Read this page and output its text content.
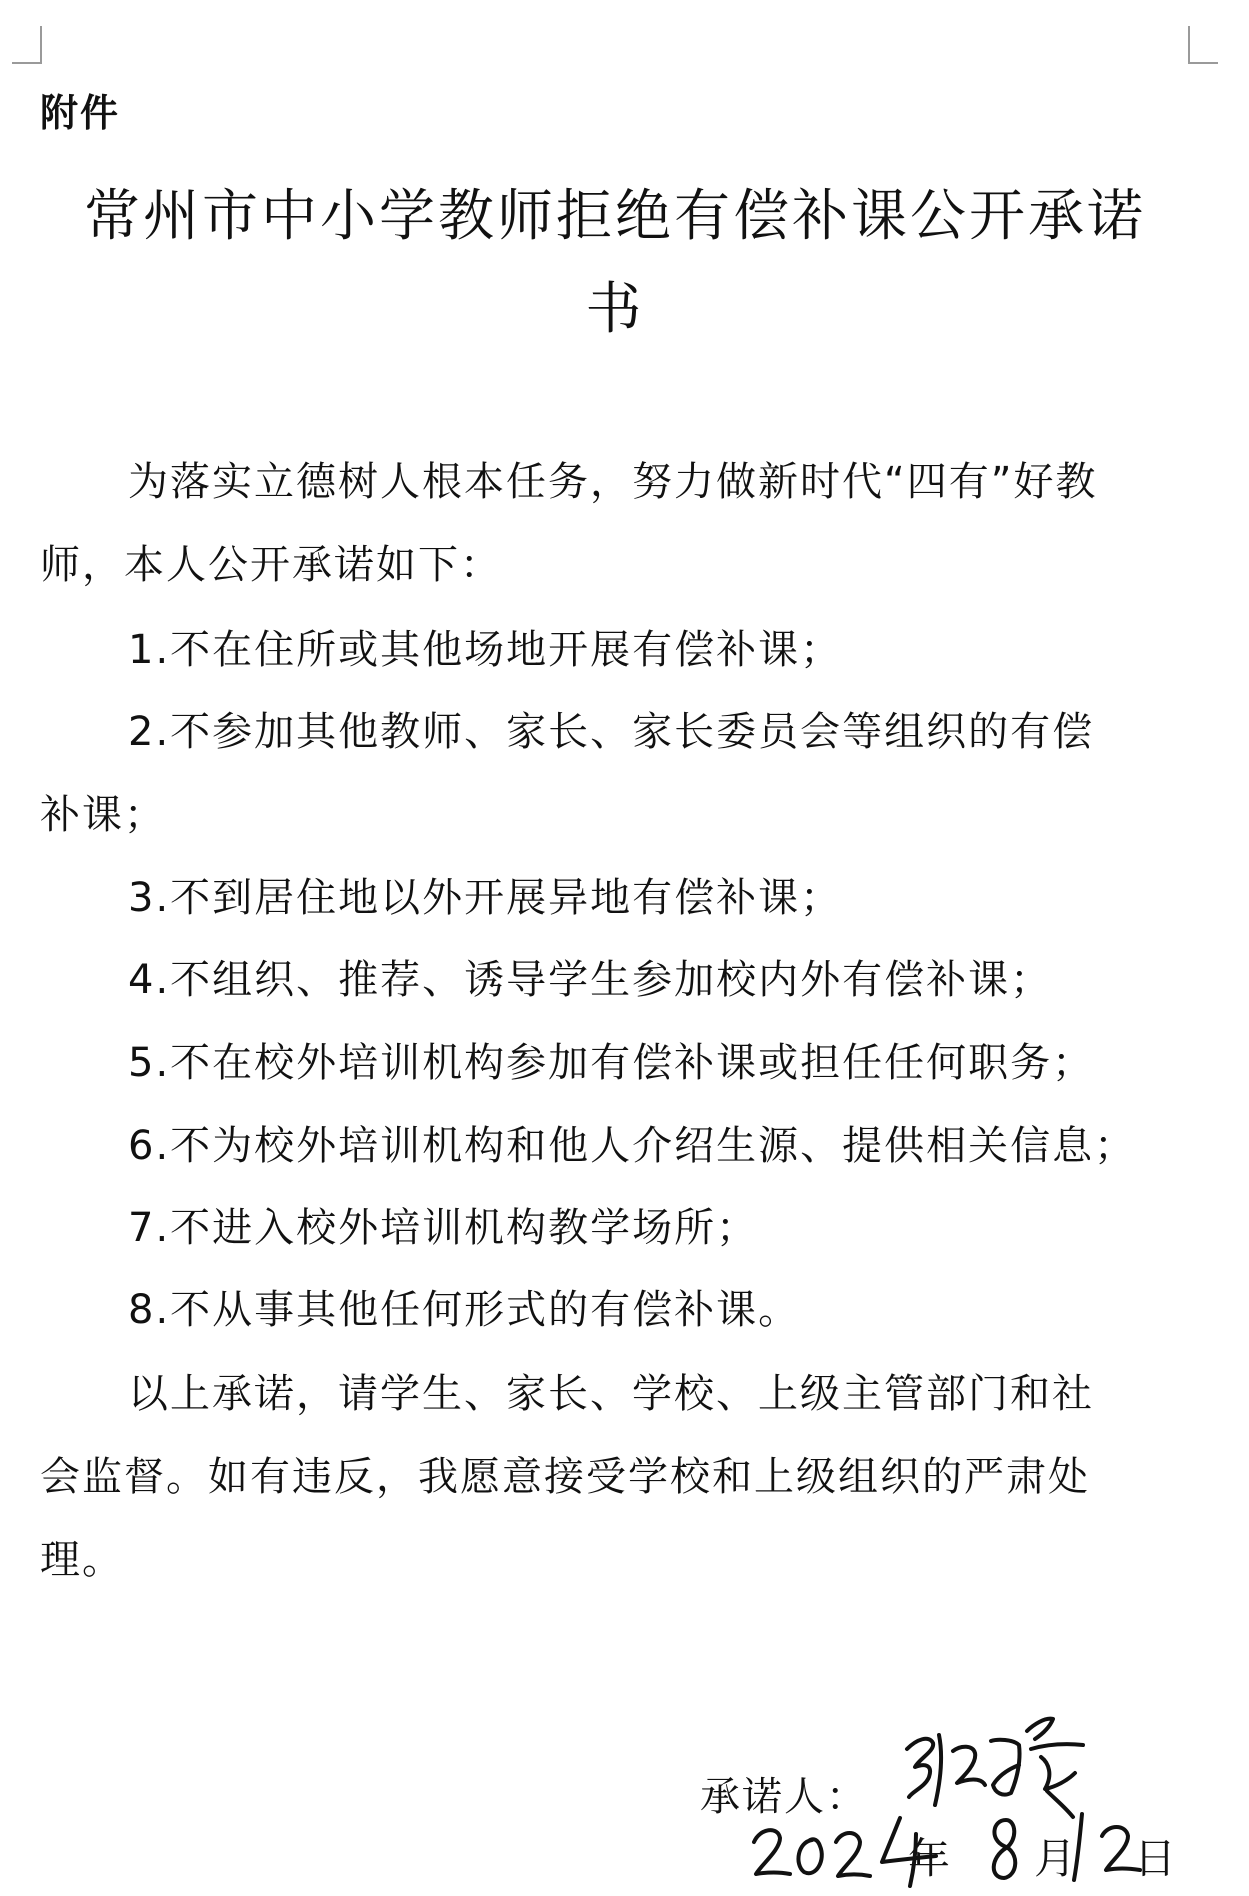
附件
常州市中小学教师拒绝有偿补课公开承诺
书
为落实立德树人根本任务，努力做新时代“四有”好教
师，本人公开承诺如下：
1.不在住所或其他场地开展有偿补课；
2.不参加其他教师、家长、家长委员会等组织的有偿
补课；
3.不到居住地以外开展异地有偿补课；
4.不组织、推荐、诱导学生参加校内外有偿补课；
5.不在校外培训机构参加有偿补课或担任任何职务；
6.不为校外培训机构和他人介绍生源、提供相关信息；
7.不进入校外培训机构教学场所；
8.不从事其他任何形式的有偿补课。
以上承诺，请学生、家长、学校、上级主管部门和社
会监督。如有违反，我愿意接受学校和上级组织的严肃处
理。
承诺人：
年 月 日
